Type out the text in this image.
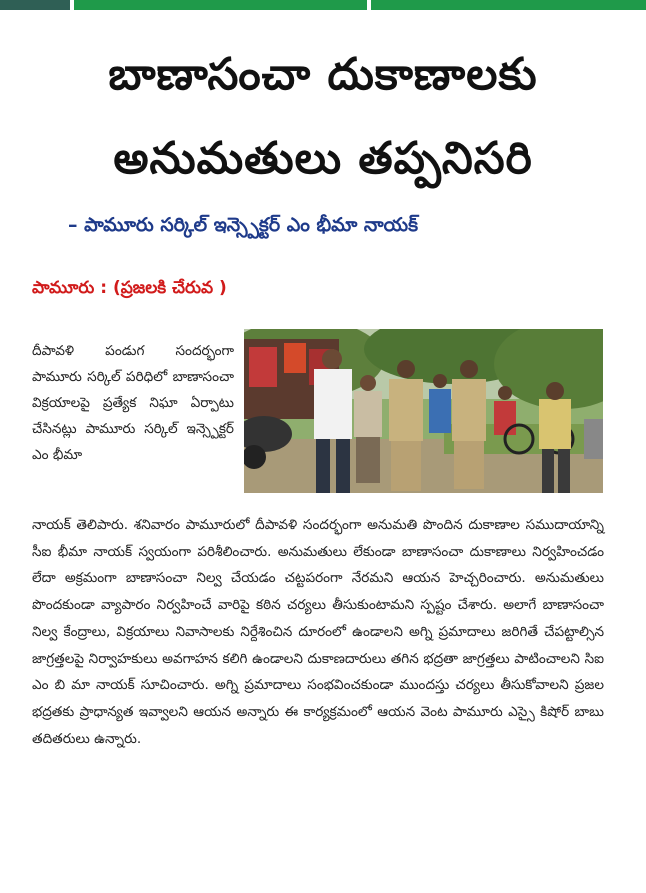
బాణాసంచా దుకాణాలకు
అనుమతులు తప్పనిసరి
– పామూరు సర్కిల్ ఇన్స్పెక్టర్ ఎం భీమా నాయక్
పామూరు : (ప్రజలకి చేరువ )
దీపావళి పండుగ సందర్భంగా పామూరు సర్కిల్ పరిధిలో బాణాసంచా విక్రయాలపై ప్రత్యేక నిఘా ఏర్పాటు చేసినట్లు పామూరు సర్కిల్ ఇన్స్పెక్టర్ ఎం భీమా
నాయక్ తెలిపారు. శనివారం పామూరులో దీపావళి సందర్భంగా అనుమతి పొందిన దుకాణాల సముదాయాన్ని సీఐ భీమా నాయక్ స్వయంగా పరిశీలించారు. అనుమతులు లేకుండా బాణాసంచా దుకాణాలు నిర్వహించడం లేదా అక్రమంగా బాణాసంచా నిల్వ చేయడం చట్టపరంగా నేరమని ఆయన హెచ్చరించారు. అనుమతులు పొందకుండా వ్యాపారం నిర్వహించే వారిపై కఠిన చర్యలు తీసుకుంటామని స్పష్టం చేశారు. అలాగే బాణాసంచా నిల్వ కేంద్రాలు, విక్రయాలు నివాసాలకు నిర్దేశించిన దూరంలో ఉండాలని అగ్ని ప్రమాదాలు జరిగితే చేపట్టాల్సిన జాగ్రత్తలపై నిర్వాహకులు అవగాహన కలిగి ఉండాలని దుకాణదారులు తగిన భద్రతా జాగ్రత్తలు పాటించాలని సిఐ ఎం బి మా నాయక్ సూచించారు. అగ్ని ప్రమాదాలు సంభవించకుండా ముందస్తు చర్యలు తీసుకోవాలని ప్రజల భద్రతకు ప్రాధాన్యత ఇవ్వాలని ఆయన అన్నారు ఈ కార్యక్రమంలో ఆయన వెంట పామూరు ఎస్సై కిషోర్ బాబు తదితరులు ఉన్నారు.
